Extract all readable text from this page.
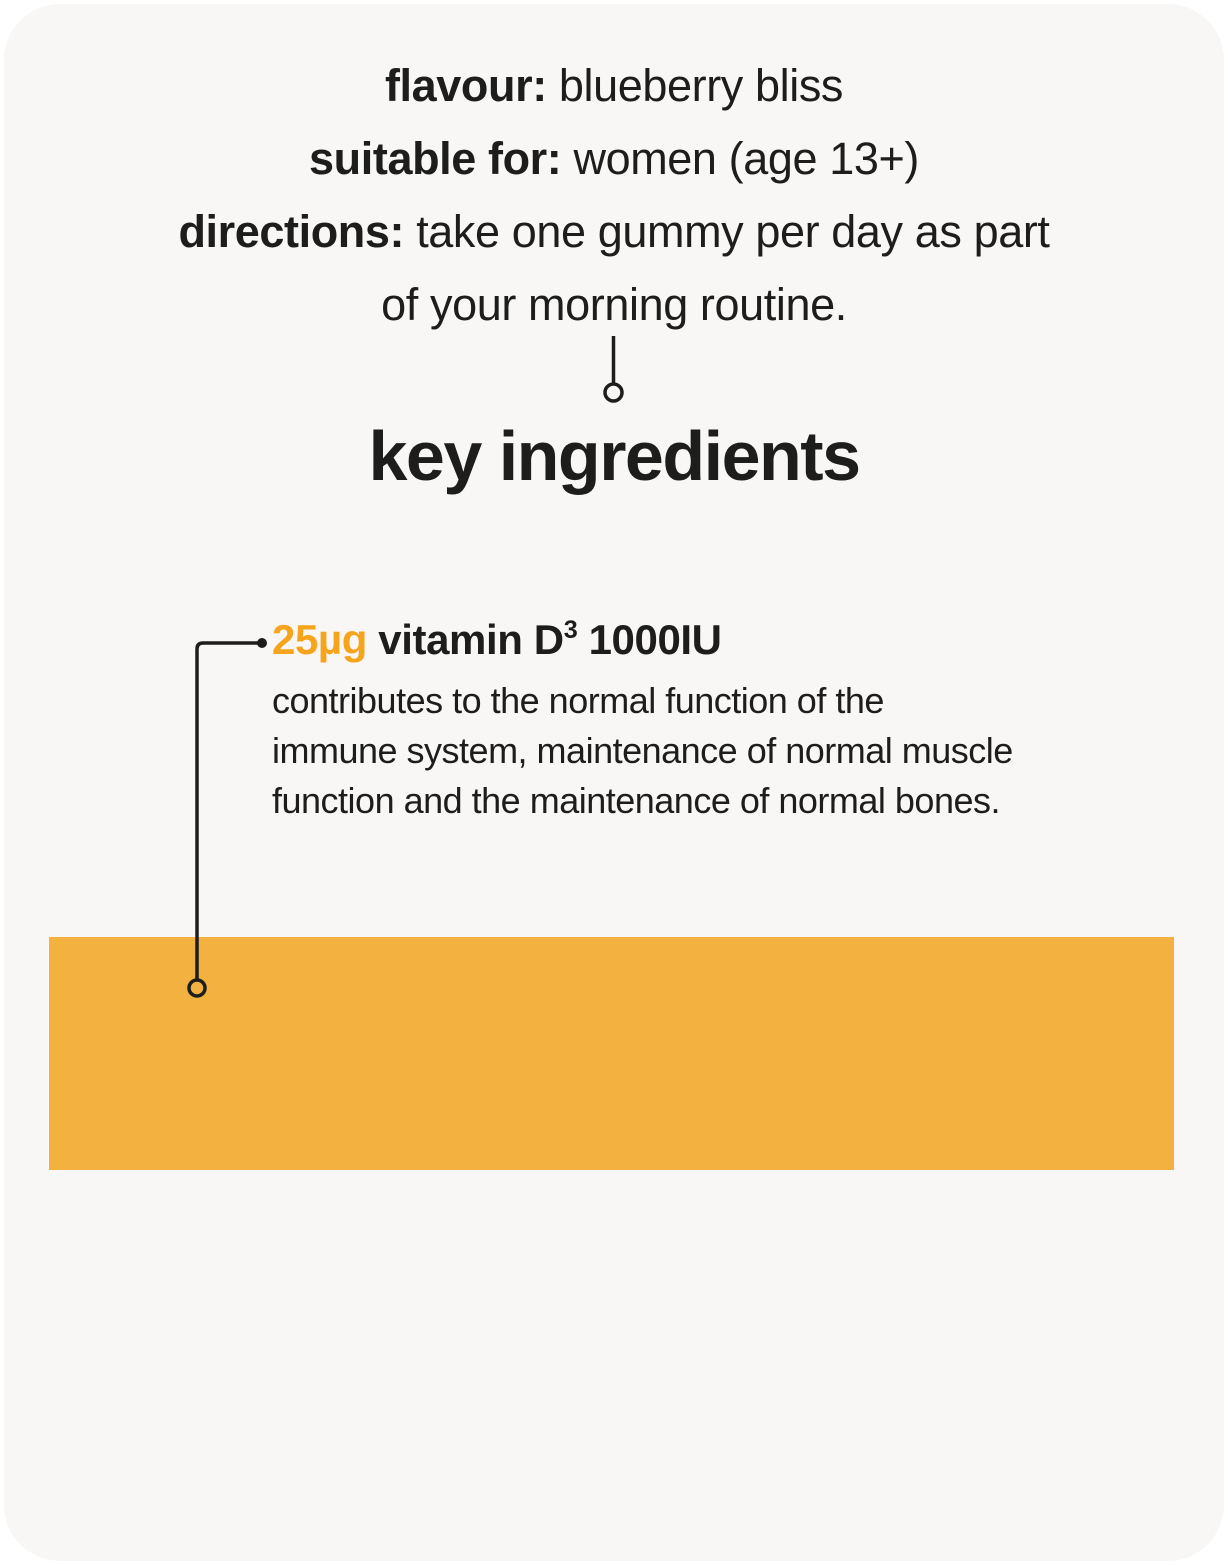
flavour: blueberry bliss
suitable for: women (age 13+)
directions: take one gummy per day as part
of your morning routine.
key ingredients
25µg vitamin $D^3$ 1000IU
contributes to the normal function of the
immune system, maintenance of normal muscle
function and the maintenance of normal bones.
